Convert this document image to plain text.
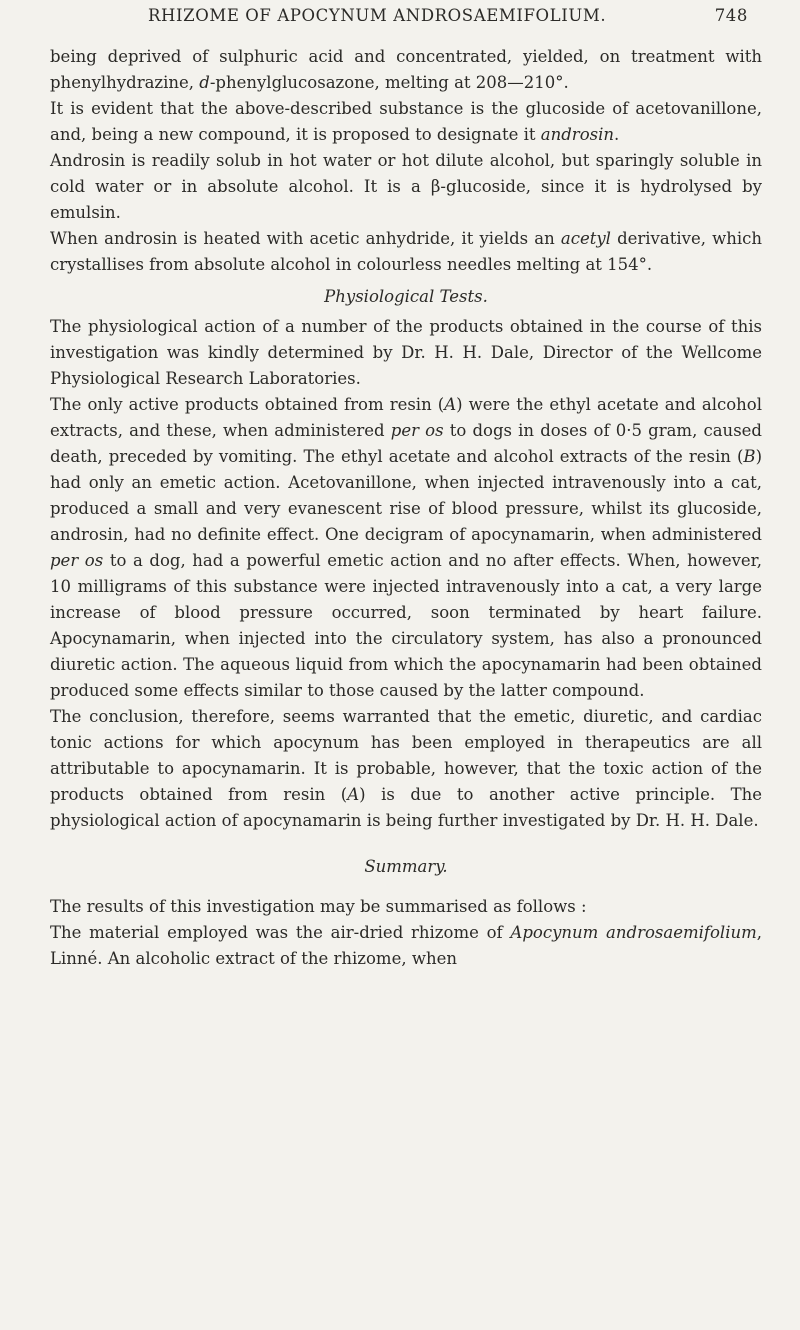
RHIZOME OF APOCYNUM ANDROSAEMIFOLIUM.	748

being deprived of sulphuric acid and concentrated, yielded, on treatment with phenylhydrazine, d-phenylglucosazone, melting at 208—210°.

It is evident that the above-described substance is the glucoside of acetovanillone, and, being a new compound, it is proposed to designate it androsin.

Androsin is readily solub in hot water or hot dilute alcohol, but sparingly soluble in cold water or in absolute alcohol. It is a β-glucoside, since it is hydrolysed by emulsin.

When androsin is heated with acetic anhydride, it yields an acetyl derivative, which crystallises from absolute alcohol in colourless needles melting at 154°.

Physiological Tests.

The physiological action of a number of the products obtained in the course of this investigation was kindly determined by Dr. H. H. Dale, Director of the Wellcome Physiological Research Laboratories.

The only active products obtained from resin (A) were the ethyl acetate and alcohol extracts, and these, when administered per os to dogs in doses of 0·5 gram, caused death, preceded by vomiting. The ethyl acetate and alcohol extracts of the resin (B) had only an emetic action. Acetovanillone, when injected intravenously into a cat, produced a small and very evanescent rise of blood pressure, whilst its glucoside, androsin, had no definite effect. One decigram of apocynamarin, when administered per os to a dog, had a powerful emetic action and no after effects. When, however, 10 milligrams of this substance were injected intravenously into a cat, a very large increase of blood pressure occurred, soon terminated by heart failure. Apocynamarin, when injected into the circulatory system, has also a pronounced diuretic action. The aqueous liquid from which the apocynamarin had been obtained produced some effects similar to those caused by the latter compound.

The conclusion, therefore, seems warranted that the emetic, diuretic, and cardiac tonic actions for which apocynum has been employed in therapeutics are all attributable to apocynamarin. It is probable, however, that the toxic action of the products obtained from resin (A) is due to another active principle. The physiological action of apocynamarin is being further investigated by Dr. H. H. Dale.

Summary.

The results of this investigation may be summarised as follows :

The material employed was the air-dried rhizome of Apocynum androsaemifolium, Linné. An alcoholic extract of the rhizome, when
